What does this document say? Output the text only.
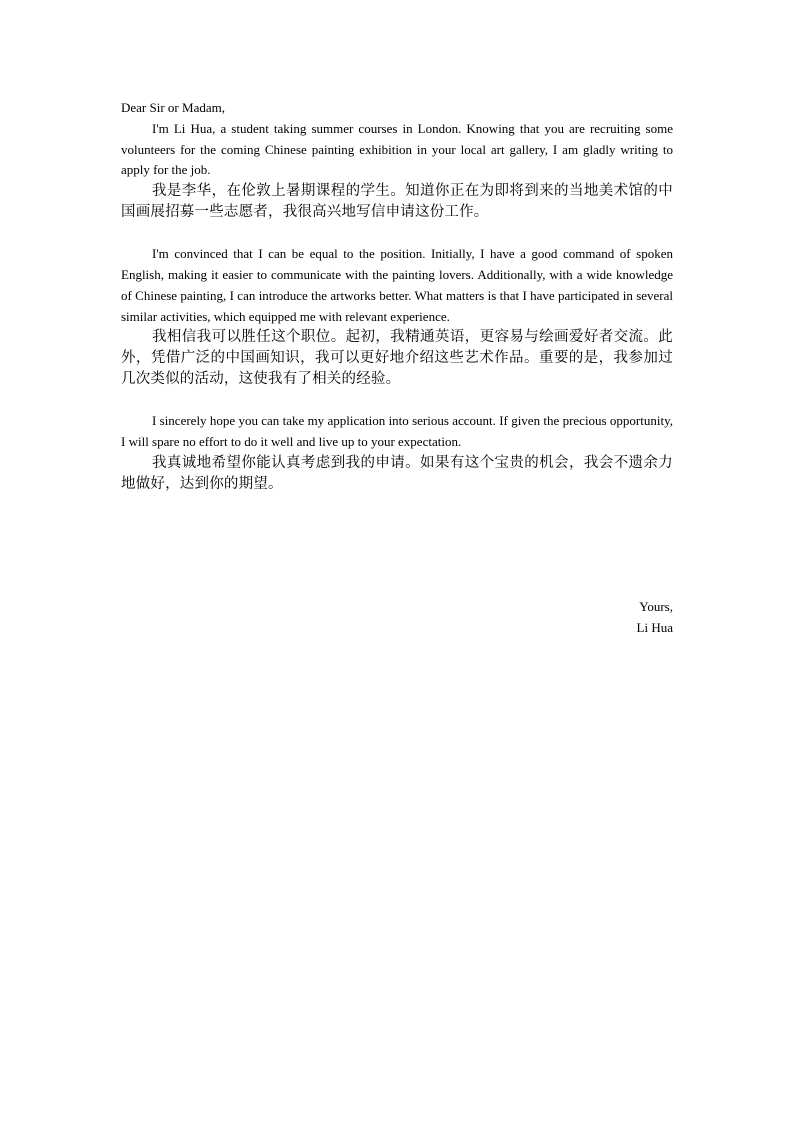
Dear Sir or Madam,

I'm Li Hua, a student taking summer courses in London. Knowing that you are recruiting some volunteers for the coming Chinese painting exhibition in your local art gallery, I am gladly writing to apply for the job.

我是李华，在伦敦上暑期课程的学生。知道你正在为即将到来的当地美术馆的中国画展招募一些志愿者，我很高兴地写信申请这份工作。

I'm convinced that I can be equal to the position. Initially, I have a good command of spoken English, making it easier to communicate with the painting lovers. Additionally, with a wide knowledge of Chinese painting, I can introduce the artworks better. What matters is that I have participated in several similar activities, which equipped me with relevant experience.

我相信我可以胜任这个职位。起初，我精通英语，更容易与绘画爱好者交流。此外，凭借广泛的中国画知识，我可以更好地介绍这些艺术作品。重要的是，我参加过几次类似的活动，这使我有了相关的经验。

I sincerely hope you can take my application into serious account. If given the precious opportunity, I will spare no effort to do it well and live up to your expectation.

我真诚地希望你能认真考虑到我的申请。如果有这个宝贵的机会，我会不遗余力地做好，达到你的期望。

Yours,
Li Hua
